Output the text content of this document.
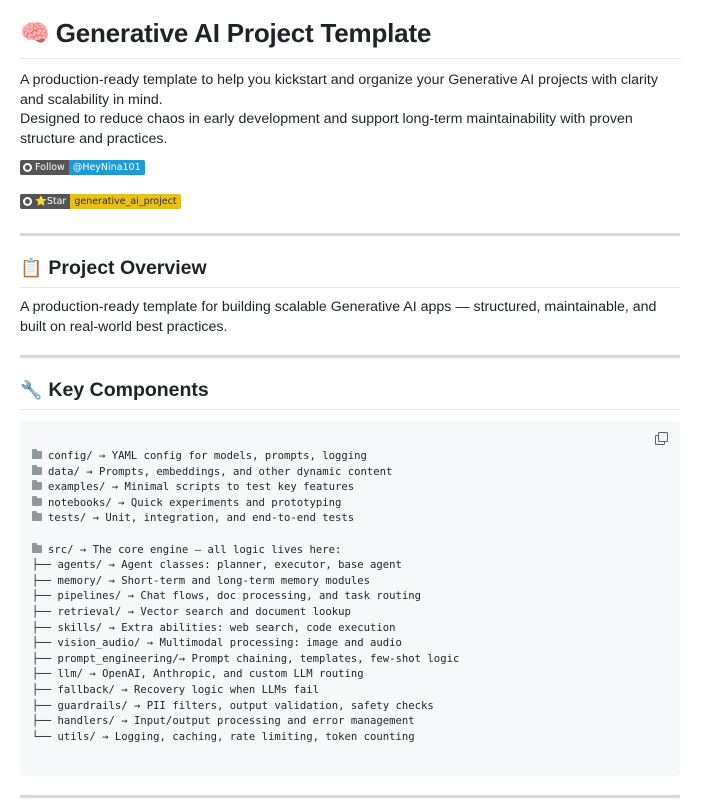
🧠 Generative AI Project Template

A production-ready template to help you kickstart and organize your Generative AI projects with clarity and scalability in mind.

Designed to reduce chaos in early development and support long-term maintainability with proven structure and practices.

Follow @HeyNina101
⭐Star generative_ai_project
📋 Project Overview

A production-ready template for building scalable Generative AI apps — structured, maintainable, and built on real-world best practices.

🔧 Key Components
config/ → YAML config for models, prompts, logging
data/ → Prompts, embeddings, and other dynamic content
examples/ → Minimal scripts to test key features
notebooks/ → Quick experiments and prototyping
tests/ → Unit, integration, and end-to-end tests
src/ → The core engine — all logic lives here:
├── agents/ → Agent classes: planner, executor, base agent
├── memory/ → Short-term and long-term memory modules
├── pipelines/ → Chat flows, doc processing, and task routing
├── retrieval/ → Vector search and document lookup
├── skills/ → Extra abilities: web search, code execution
├── vision_audio/ → Multimodal processing: image and audio
├── prompt_engineering/→ Prompt chaining, templates, few-shot logic
├── llm/ → OpenAI, Anthropic, and custom LLM routing
├── fallback/ → Recovery logic when LLMs fail
├── guardrails/ → PII filters, output validation, safety checks
├── handlers/ → Input/output processing and error management
└── utils/ → Logging, caching, rate limiting, token counting
